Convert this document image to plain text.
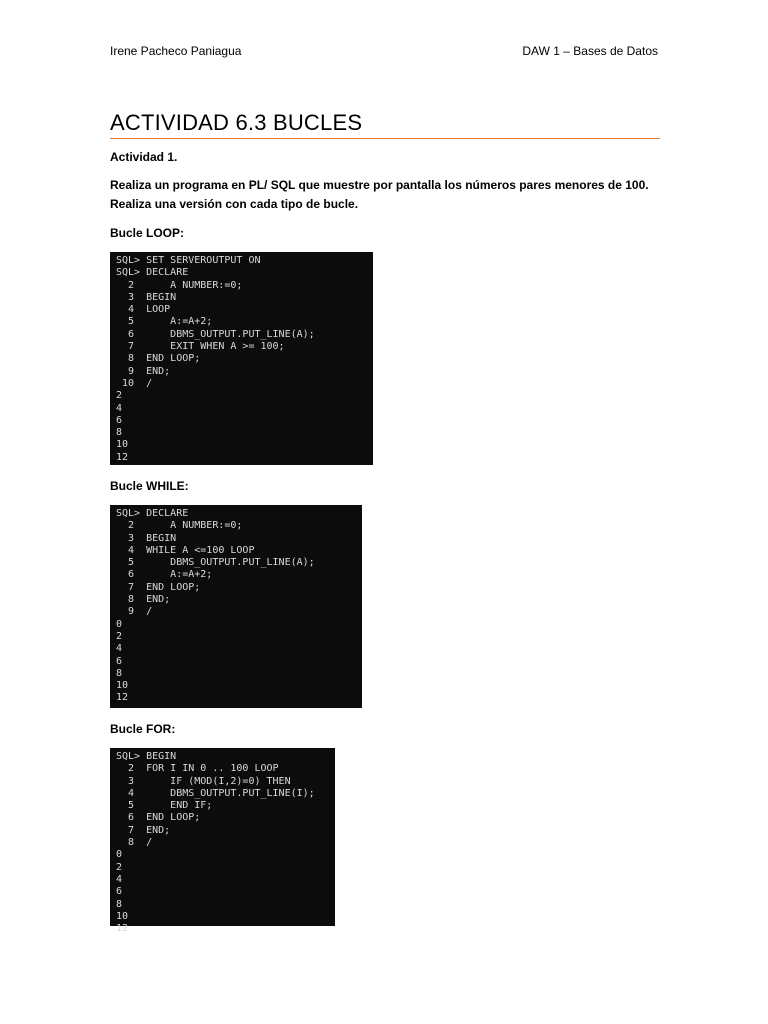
Irene Pacheco Paniagua	DAW 1 – Bases de Datos
ACTIVIDAD 6.3 BUCLES
Actividad 1.
Realiza un programa en PL/ SQL que muestre por pantalla los números pares menores de 100. Realiza una versión con cada tipo de bucle.
Bucle LOOP:
SQL> SET SERVEROUTPUT ON
SQL> DECLARE
2      A NUMBER:=0;
3  BEGIN
4  LOOP
5      A:=A+2;
6      DBMS_OUTPUT.PUT_LINE(A);
7      EXIT WHEN A >= 100;
8  END LOOP;
9  END;
10  /
2
4
6
8
10
12
Bucle WHILE:
SQL> DECLARE
2      A NUMBER:=0;
3  BEGIN
4  WHILE A <=100 LOOP
5      DBMS_OUTPUT.PUT_LINE(A);
6      A:=A+2;
7  END LOOP;
8  END;
9  /
0
2
4
6
8
10
12
Bucle FOR:
SQL> BEGIN
2  FOR I IN 0 .. 100 LOOP
3      IF (MOD(I,2)=0) THEN
4      DBMS_OUTPUT.PUT_LINE(I);
5      END IF;
6  END LOOP;
7  END;
8  /
0
2
4
6
8
10
12
